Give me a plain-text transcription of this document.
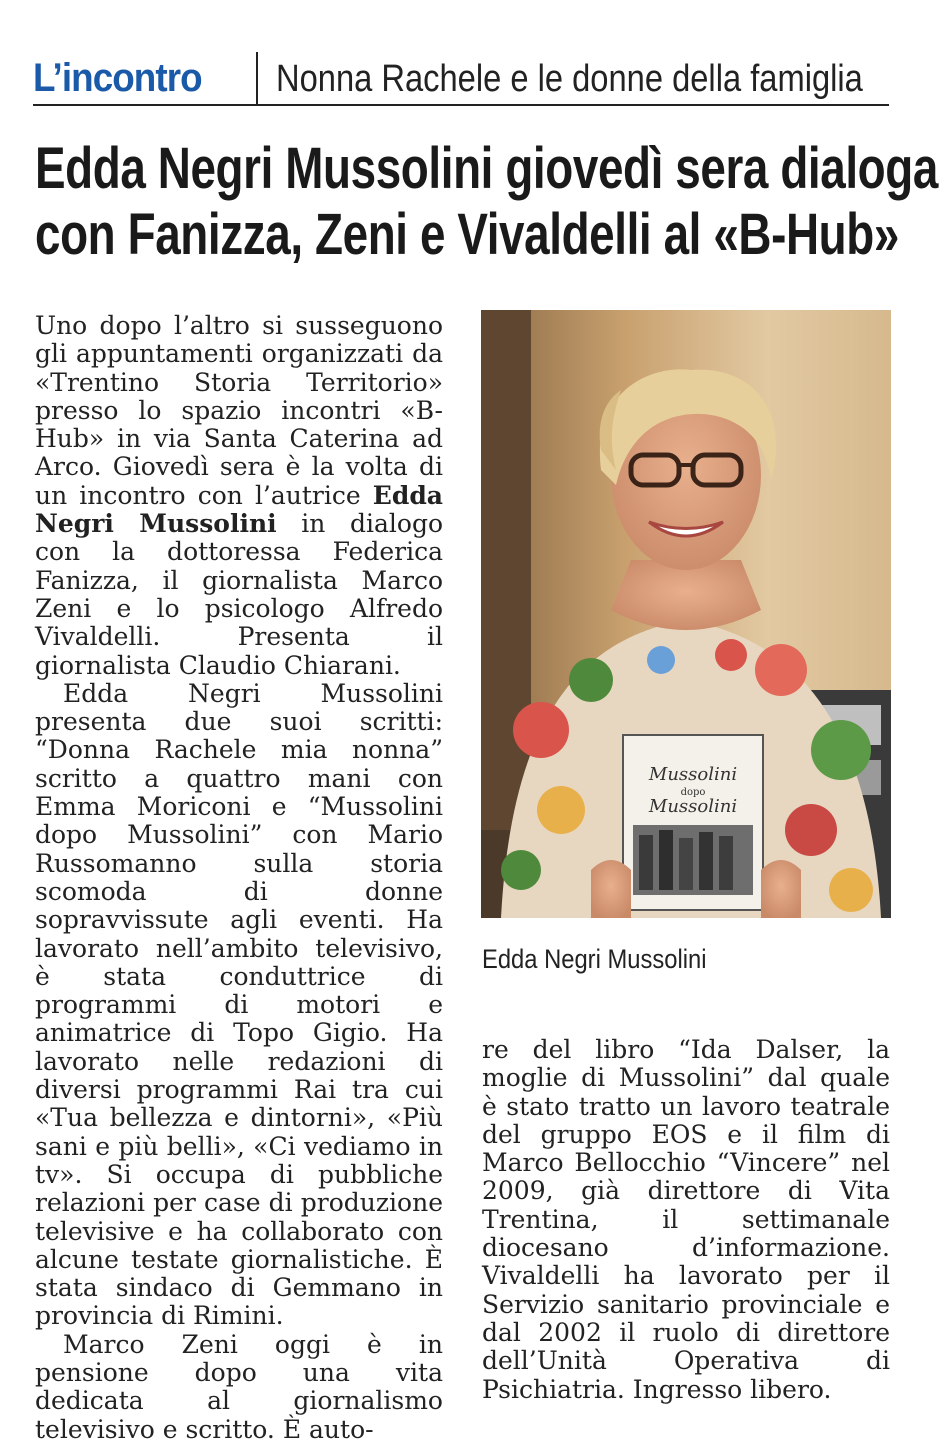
L’incontro Nonna Rachele e le donne della famiglia
Edda Negri Mussolini giovedì sera dialoga
con Fanizza, Zeni e Vivaldelli al «B-Hub»

Uno dopo l’altro si susseguono gli appuntamenti organizzati da «Trentino Storia Territorio» presso lo spazio incontri «B-Hub» in via Santa Caterina ad Arco. Giovedì sera è la volta di un incontro con l’autrice Edda Negri Mussolini in dialogo con la dottoressa Federica Fanizza, il giornalista Marco Zeni e lo psicologo Alfredo Vivaldelli. Presenta il giornalista Claudio Chiarani.

Edda Negri Mussolini presenta due suoi scritti: “Donna Rachele mia nonna” scritto a quattro mani con Emma Moriconi e “Mussolini dopo Mussolini” con Mario Russomanno sulla storia scomoda di donne sopravvissute agli eventi. Ha lavorato nell’ambito televisivo, è stata conduttrice di programmi di motori e animatrice di Topo Gigio. Ha lavorato nelle redazioni di diversi programmi Rai tra cui «Tua bellezza e dintorni», «Più sani e più belli», «Ci vediamo in tv». Si occupa di pubbliche relazioni per case di produzione televisive e ha collaborato con alcune testate giornalistiche. È stata sindaco di Gemmano in provincia di Rimini.

Marco Zeni oggi è in pensione dopo una vita dedicata al giornalismo televisivo e scritto. È auto-

Mussolini
dopo
Mussolini
Edda Negri Mussolini

re del libro “Ida Dalser, la moglie di Mussolini” dal quale è stato tratto un lavoro teatrale del gruppo EOS e il film di Marco Bellocchio “Vincere” nel 2009, già direttore di Vita Trentina, il settimanale diocesano d’informazione. Vivaldelli ha lavorato per il Servizio sanitario provinciale e dal 2002 il ruolo di direttore dell’Unità Operativa di Psichiatria. Ingresso libero.
